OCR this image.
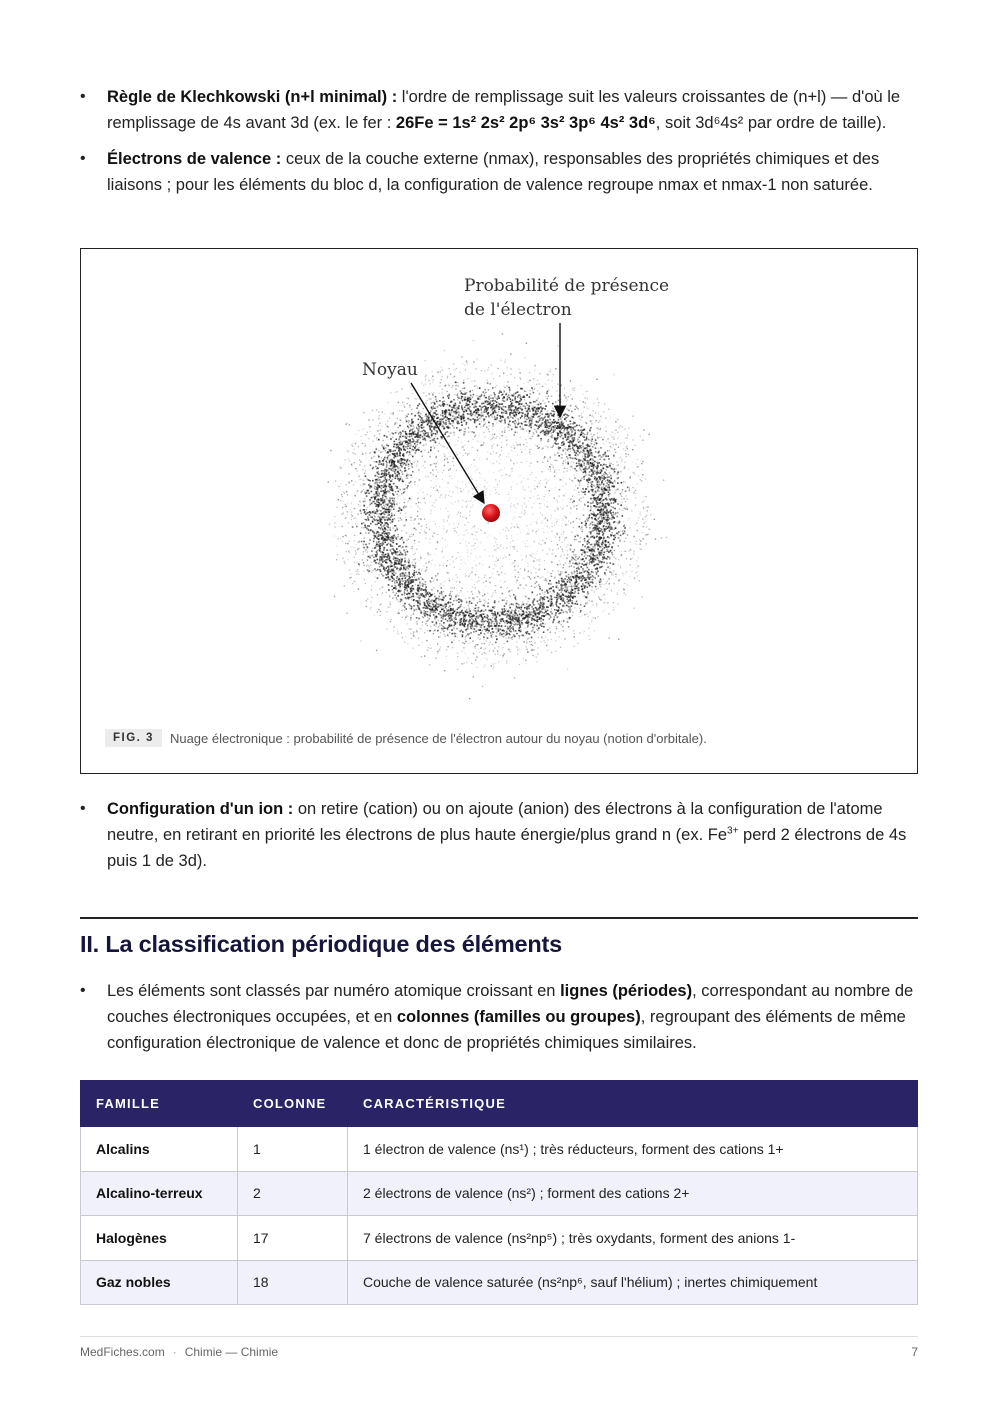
• Règle de Klechkowski (n+l minimal) : l'ordre de remplissage suit les valeurs croissantes de (n+l) — d'où le remplissage de 4s avant 3d (ex. le fer : 26Fe = 1s² 2s² 2p⁶ 3s² 3p⁶ 4s² 3d⁶, soit 3d⁶4s² par ordre de taille).
• Électrons de valence : ceux de la couche externe (nmax), responsables des propriétés chimiques et des liaisons ; pour les éléments du bloc d, la configuration de valence regroupe nmax et nmax-1 non saturée.
Probabilité de présence
de l'électron
Noyau
FIG. 3	Nuage électronique : probabilité de présence de l'électron autour du noyau (notion d'orbitale).
• Configuration d'un ion : on retire (cation) ou on ajoute (anion) des électrons à la configuration de l'atome neutre, en retirant en priorité les électrons de plus haute énergie/plus grand n (ex. $Fe^{3+}$ perd 2 électrons de 4s puis 1 de 3d).
II. La classification périodique des éléments
• Les éléments sont classés par numéro atomique croissant en lignes (périodes), correspondant au nombre de couches électroniques occupées, et en colonnes (familles ou groupes), regroupant des éléments de même configuration électronique de valence et donc de propriétés chimiques similaires.
FAMILLE	COLONNE	CARACTÉRISTIQUE
Alcalins	1	1 électron de valence (ns¹) ; très réducteurs, forment des cations 1+
Alcalino-terreux	2	2 électrons de valence (ns²) ; forment des cations 2+
Halogènes	17	7 électrons de valence (ns²np⁵) ; très oxydants, forment des anions 1-
Gaz nobles	18	Couche de valence saturée (ns²np⁶, sauf l'hélium) ; inertes chimiquement
MedFiches.com · Chimie — Chimie	7
